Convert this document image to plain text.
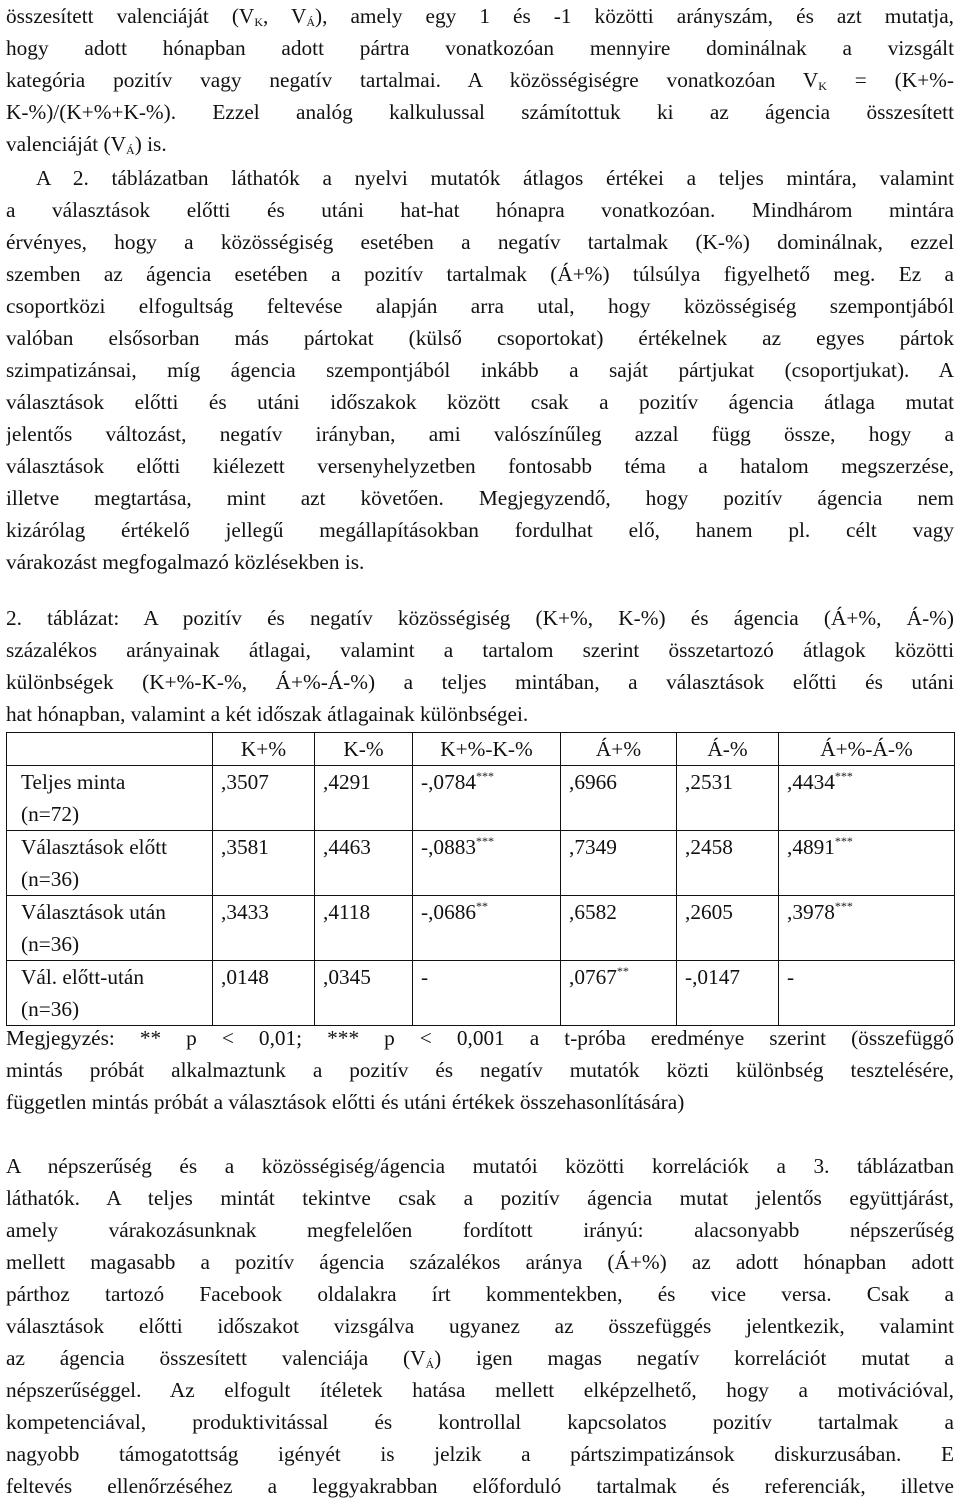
összesített valenciáját ($V_K$, $V_Á$), amely egy 1 és -1 közötti arányszám, és azt mutatja,
hogy adott hónapban adott pártra vonatkozóan mennyire dominálnak a vizsgált
kategória pozitív vagy negatív tartalmai. A közösségiségre vonatkozóan $V_K = (K+\%-$
K-%)/(K+%+K-%). Ezzel analóg kalkulussal számítottuk ki az ágencia összesített
valenciáját $(V_Á)$ is.
A 2. táblázatban láthatók a nyelvi mutatók átlagos értékei a teljes mintára, valamint
a választások előtti és utáni hat-hat hónapra vonatkozóan. Mindhárom mintára
érvényes, hogy a közösségiség esetében a negatív tartalmak (K-%) dominálnak, ezzel
szemben az ágencia esetében a pozitív tartalmak (Á+%) túlsúlya figyelhető meg. Ez a
csoportközi elfogultság feltevése alapján arra utal, hogy közösségiség szempontjából
valóban elsősorban más pártokat (külső csoportokat) értékelnek az egyes pártok
szimpatizánsai, míg ágencia szempontjából inkább a saját pártjukat (csoportjukat). A
választások előtti és utáni időszakok között csak a pozitív ágencia átlaga mutat
jelentős változást, negatív irányban, ami valószínűleg azzal függ össze, hogy a
választások előtti kiélezett versenyhelyzetben fontosabb téma a hatalom megszerzése,
illetve megtartása, mint azt követően. Megjegyzendő, hogy pozitív ágencia nem
kizárólag értékelő jellegű megállapításokban fordulhat elő, hanem pl. célt vagy
várakozást megfogalmazó közlésekben is.
2. táblázat: A pozitív és negatív közösségiség (K+%, K-%) és ágencia (Á+%, Á-%)
százalékos arányainak átlagai, valamint a tartalom szerint összetartozó átlagok közötti
különbségek (K+%-K-%, Á+%-Á-%) a teljes mintában, a választások előtti és utáni
hat hónapban, valamint a két időszak átlagainak különbségei.
	K+%	K-%	K+%-K-%	Á+%	Á-%	Á+%-Á-%
Teljes minta
(n=72)	,3507	,4291	-,0784***	,6966	,2531	,4434***
Választások előtt
(n=36)	,3581	,4463	-,0883***	,7349	,2458	,4891***
Választások után
(n=36)	,3433	,4118	-,0686**	,6582	,2605	,3978***
Vál. előtt-után
(n=36)	,0148	,0345	-	,0767**	-,0147	-
Megjegyzés: ** p < 0,01; *** p < 0,001 a t-próba eredménye szerint (összefüggő
mintás próbát alkalmaztunk a pozitív és negatív mutatók közti különbség tesztelésére,
független mintás próbát a választások előtti és utáni értékek összehasonlítására)
A népszerűség és a közösségiség/ágencia mutatói közötti korrelációk a 3. táblázatban
láthatók. A teljes mintát tekintve csak a pozitív ágencia mutat jelentős együttjárást,
amely várakozásunknak megfelelően fordított irányú: alacsonyabb népszerűség
mellett magasabb a pozitív ágencia százalékos aránya (Á+%) az adott hónapban adott
párthoz tartozó Facebook oldalakra írt kommentekben, és vice versa. Csak a
választások előtti időszakot vizsgálva ugyanez az összefüggés jelentkezik, valamint
az ágencia összesített valenciája $(V_Á)$ igen magas negatív korrelációt mutat a
népszerűséggel. Az elfogult ítéletek hatása mellett elképzelhető, hogy a motivációval,
kompetenciával, produktivitással és kontrollal kapcsolatos pozitív tartalmak a
nagyobb támogatottság igényét is jelzik a pártszimpatizánsok diskurzusában. E
feltevés ellenőrzéséhez a leggyakrabban előforduló tartalmak és referenciák, illetve
